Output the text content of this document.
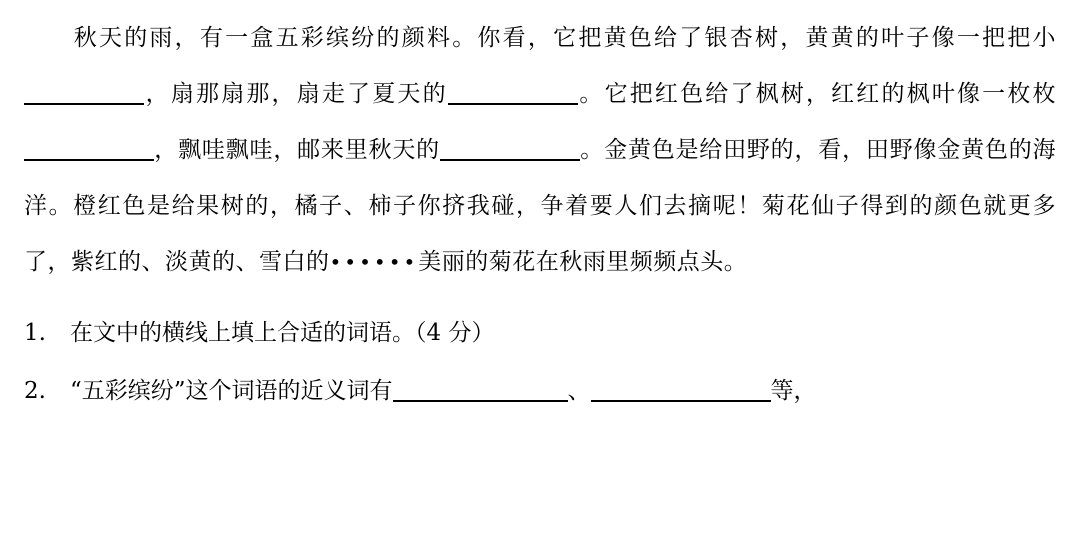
秋天的雨，有一盒五彩缤纷的颜料。你看，它把黄色给了银杏树，黄黄的叶子像一把把小，扇那扇那，扇走了夏天的	。它把红色给了枫树，红红的枫叶像一枚枚，飘哇飘哇，邮来里秋天的	。金黄色是给田野的，看，田野像金黄色的海洋。橙红色是给果树的，橘子、柿子你挤我碰，争着要人们去摘呢！菊花仙子得到的颜色就更多了，紫红的、淡黄的、雪白的••••••美丽的菊花在秋雨里频频点头。
1. 在文中的横线上填上合适的词语。（4 分）
2. “五彩缤纷”这个词语的近义词有	、	等，
